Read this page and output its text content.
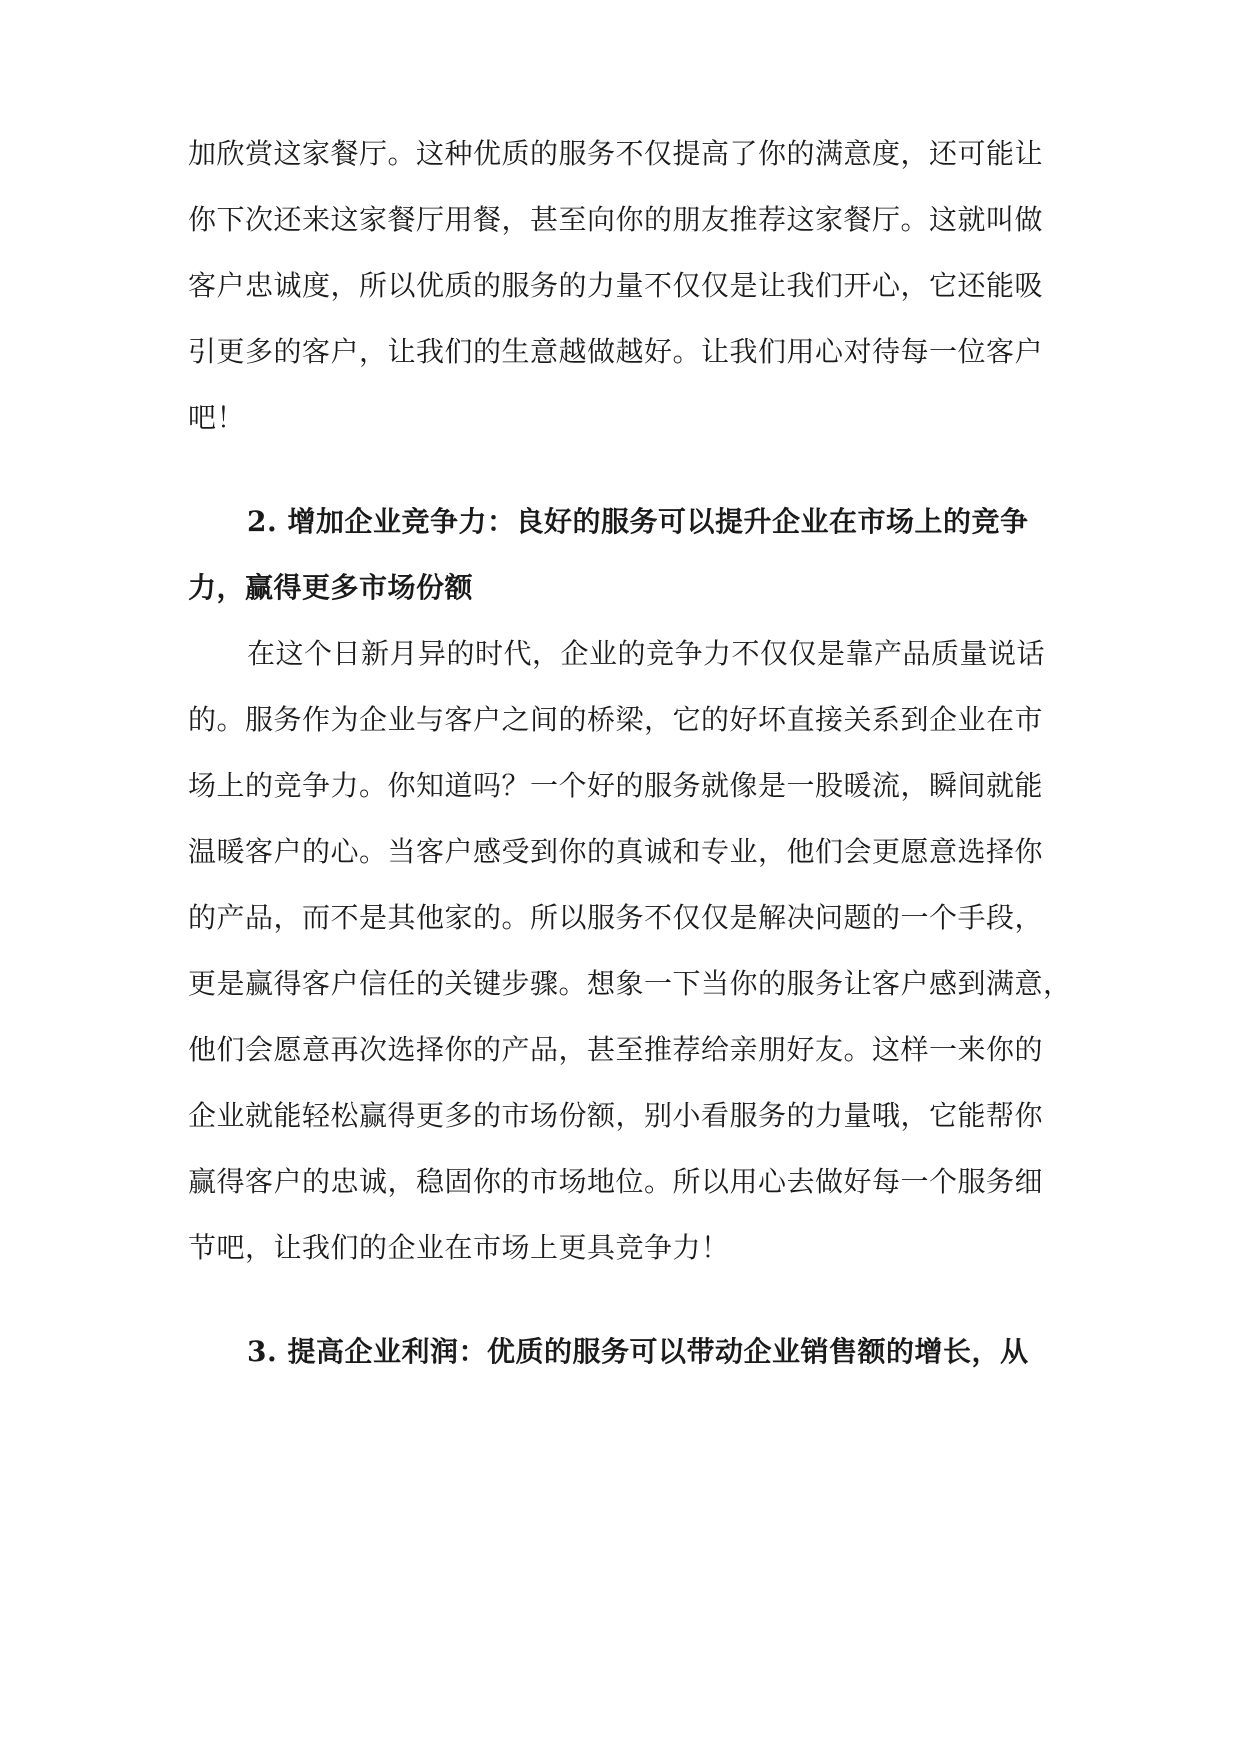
加欣赏这家餐厅。这种优质的服务不仅提高了你的满意度，还可能让
你下次还来这家餐厅用餐，甚至向你的朋友推荐这家餐厅。这就叫做
客户忠诚度，所以优质的服务的力量不仅仅是让我们开心，它还能吸
引更多的客户，让我们的生意越做越好。让我们用心对待每一位客户
吧！
2. 增加企业竞争力：良好的服务可以提升企业在市场上的竞争
力，赢得更多市场份额
在这个日新月异的时代，企业的竞争力不仅仅是靠产品质量说话
的。服务作为企业与客户之间的桥梁，它的好坏直接关系到企业在市
场上的竞争力。你知道吗？一个好的服务就像是一股暖流，瞬间就能
温暖客户的心。当客户感受到你的真诚和专业，他们会更愿意选择你
的产品，而不是其他家的。所以服务不仅仅是解决问题的一个手段，
更是赢得客户信任的关键步骤。想象一下当你的服务让客户感到满意，
他们会愿意再次选择你的产品，甚至推荐给亲朋好友。这样一来你的
企业就能轻松赢得更多的市场份额，别小看服务的力量哦，它能帮你
赢得客户的忠诚，稳固你的市场地位。所以用心去做好每一个服务细
节吧，让我们的企业在市场上更具竞争力！
3. 提高企业利润：优质的服务可以带动企业销售额的增长，从
